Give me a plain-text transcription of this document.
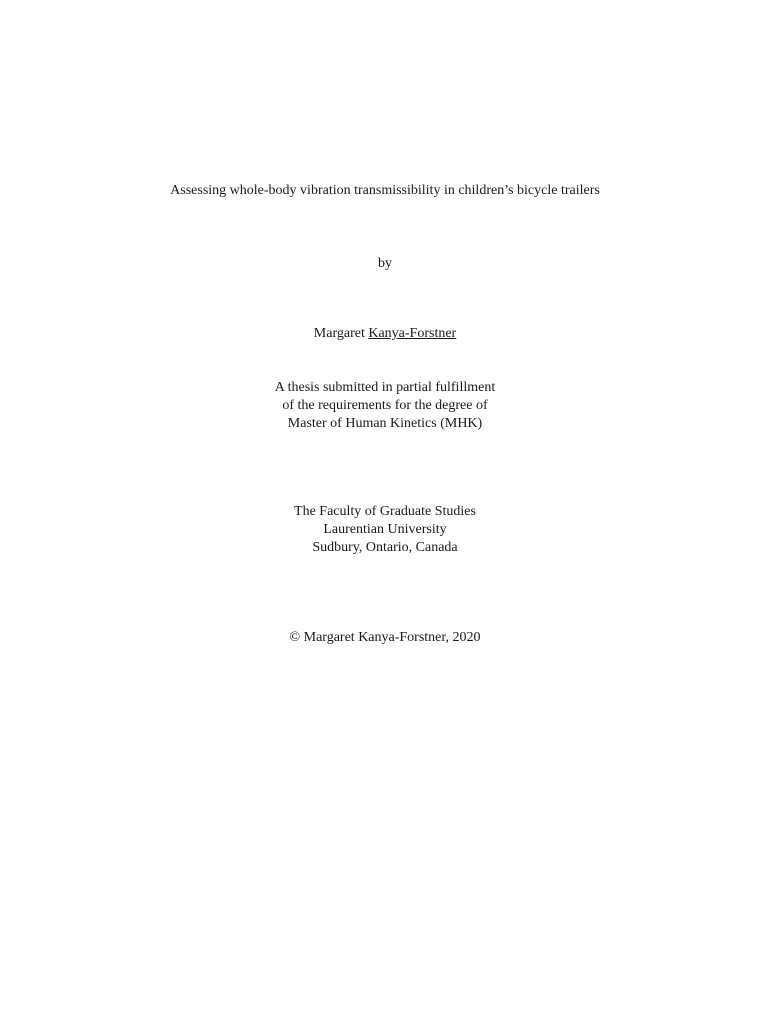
Assessing whole-body vibration transmissibility in children’s bicycle trailers
by
Margaret Kanya-Forstner
A thesis submitted in partial fulfillment
of the requirements for the degree of
Master of Human Kinetics (MHK)
The Faculty of Graduate Studies
Laurentian University
Sudbury, Ontario, Canada
© Margaret Kanya-Forstner, 2020
